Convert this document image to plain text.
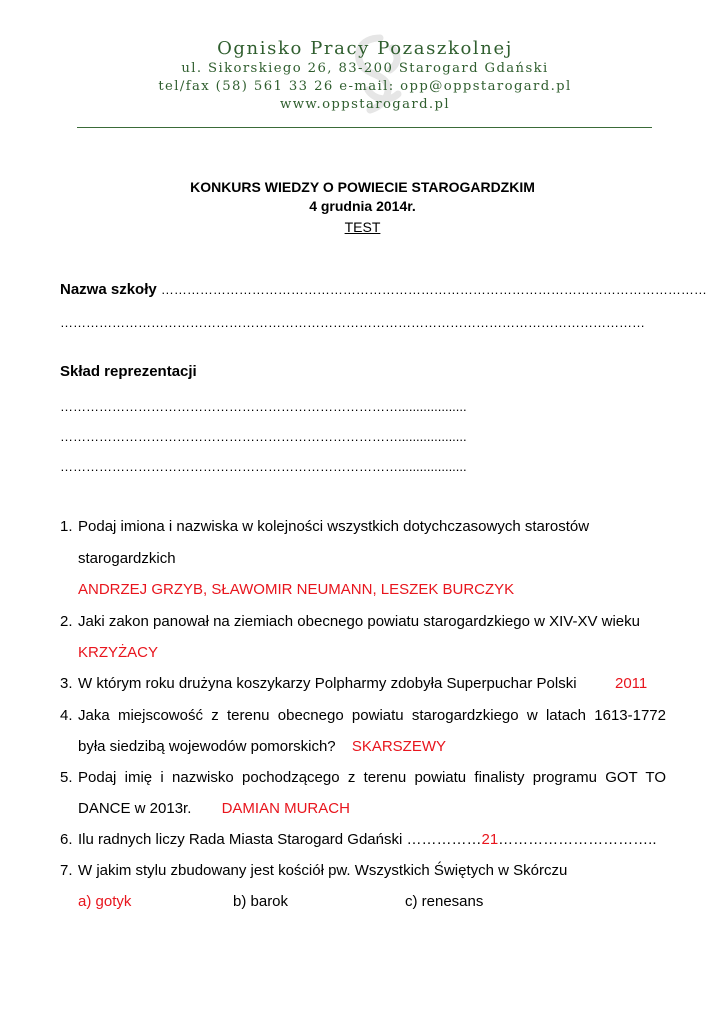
Ognisko Pracy Pozaszkolnej
ul. Sikorskiego 26, 83-200 Starogard Gdański
tel/fax (58) 561 33 26 e-mail: opp@oppstarogard.pl
www.oppstarogard.pl
KONKURS WIEDZY O POWIECIE STAROGARDZKIM
4 grudnia 2014r.
TEST
Nazwa szkoły ………………………………………………………………………………………………………………
………………………………………………………………………………………………………………………
Skład reprezentacji
……………………………………………………………………...................
……………………………………………………………………...................
……………………………………………………………………...................
1. Podaj imiona i nazwiska w kolejności wszystkich dotychczasowych starostów
starogardzkich
ANDRZEJ GRZYB, SŁAWOMIR NEUMANN, LESZEK BURCZYK
2. Jaki zakon panował na ziemiach obecnego powiatu starogardzkiego w XIV-XV wieku
KRZYŻACY
3. W którym roku drużyna koszykarzy Polpharmy zdobyła Superpuchar Polski	2011
4. Jaka miejscowość z terenu obecnego powiatu starogardzkiego w latach 1613-1772
była siedzibą wojewodów pomorskich? SKARSZEWY
5. Podaj imię i nazwisko pochodzącego z terenu powiatu finalisty programu GOT TO
DANCE w 2013r. DAMIAN MURACH
6. Ilu radnych liczy Rada Miasta Starogard Gdański ……………21…………………………..
7. W jakim stylu zbudowany jest kościół pw. Wszystkich Świętych w Skórczu
a) gotyk	b) barok	c) renesans
